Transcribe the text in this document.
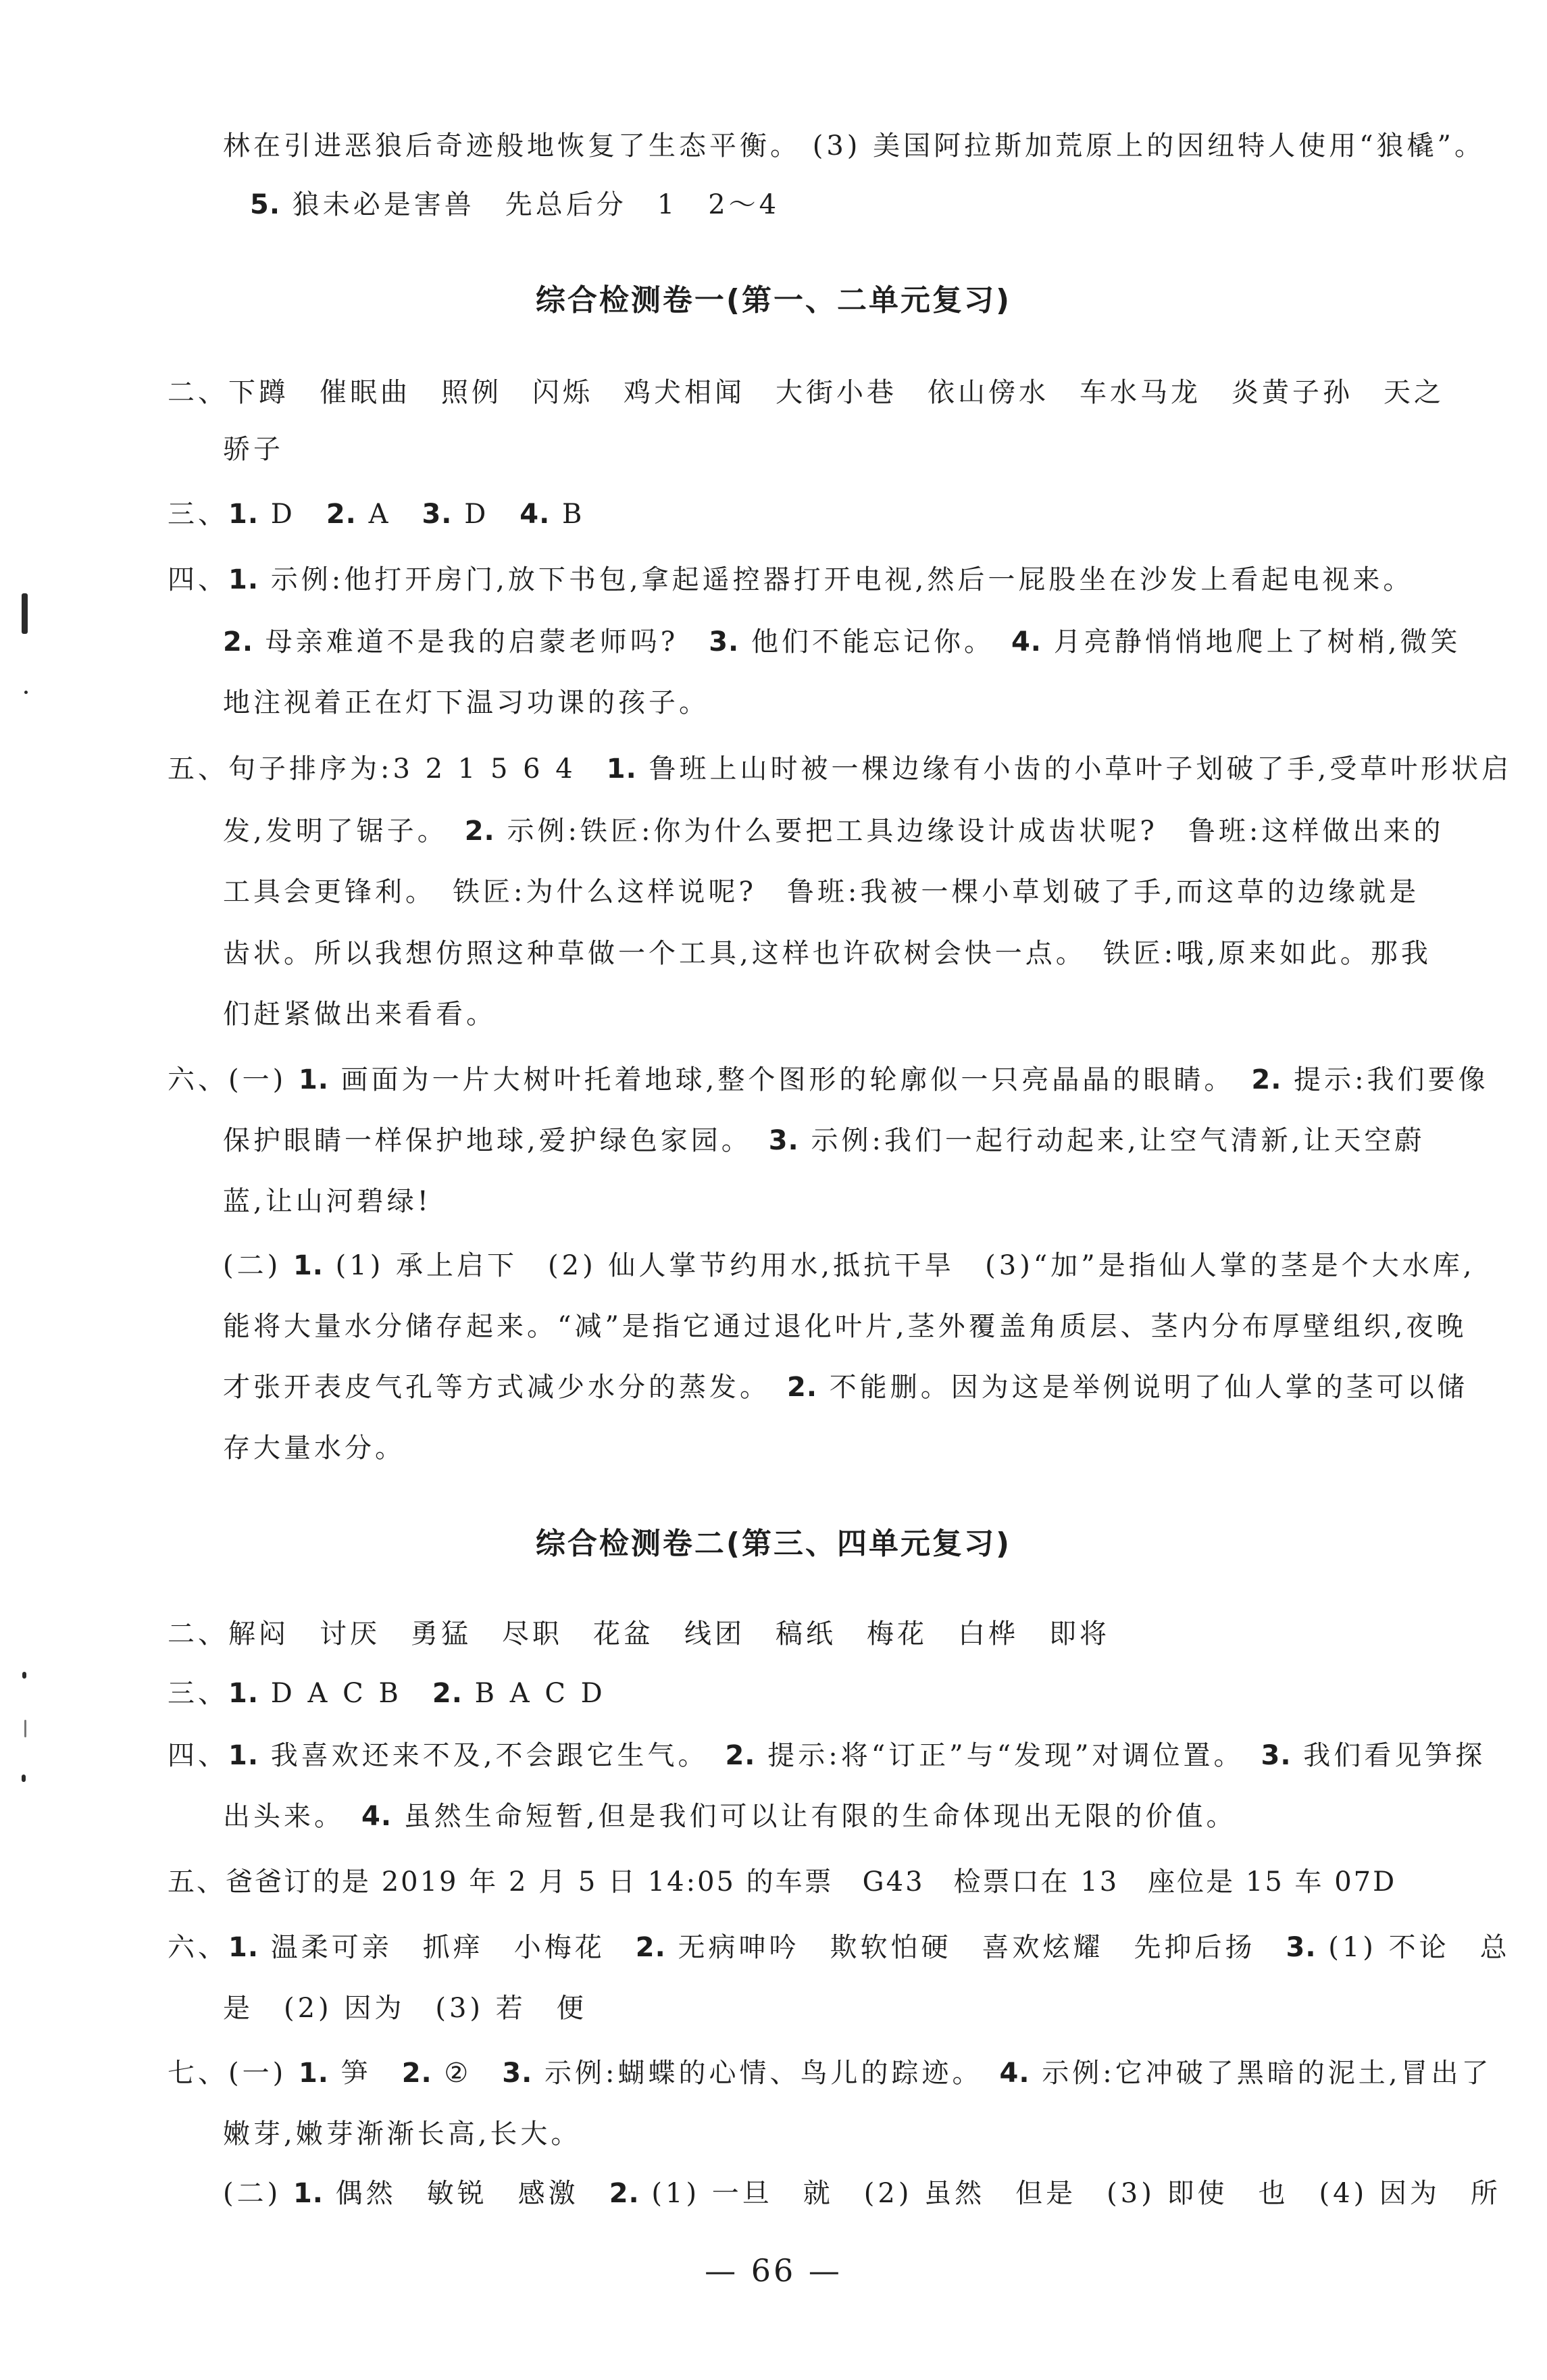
林在引进恶狼后奇迹般地恢复了生态平衡。 (3) 美国阿拉斯加荒原上的因纽特人使用“狼橇”。
5. 狼未必是害兽　先总后分　1　2～4
综合检测卷一(第一、二单元复习)
二、下蹲　催眠曲　照例　闪烁　鸡犬相闻　大街小巷　依山傍水　车水马龙　炎黄子孙　天之
骄子
三、1. D　2. A　3. D　4. B
四、1. 示例:他打开房门,放下书包,拿起遥控器打开电视,然后一屁股坐在沙发上看起电视来。
2. 母亲难道不是我的启蒙老师吗?　3. 他们不能忘记你。　4. 月亮静悄悄地爬上了树梢,微笑
地注视着正在灯下温习功课的孩子。
五、句子排序为:3 2 1 5 6 4　1. 鲁班上山时被一棵边缘有小齿的小草叶子划破了手,受草叶形状启
发,发明了锯子。　2. 示例:铁匠:你为什么要把工具边缘设计成齿状呢?　鲁班:这样做出来的
工具会更锋利。　铁匠:为什么这样说呢?　鲁班:我被一棵小草划破了手,而这草的边缘就是
齿状。所以我想仿照这种草做一个工具,这样也许砍树会快一点。　铁匠:哦,原来如此。那我
们赶紧做出来看看。
六、(一) 1. 画面为一片大树叶托着地球,整个图形的轮廓似一只亮晶晶的眼睛。　2. 提示:我们要像
保护眼睛一样保护地球,爱护绿色家园。　3. 示例:我们一起行动起来,让空气清新,让天空蔚
蓝,让山河碧绿!
(二) 1. (1) 承上启下　(2) 仙人掌节约用水,抵抗干旱　(3)“加”是指仙人掌的茎是个大水库,
能将大量水分储存起来。“减”是指它通过退化叶片,茎外覆盖角质层、茎内分布厚壁组织,夜晚
才张开表皮气孔等方式减少水分的蒸发。　2. 不能删。因为这是举例说明了仙人掌的茎可以储
存大量水分。
综合检测卷二(第三、四单元复习)
二、解闷　讨厌　勇猛　尽职　花盆　线团　稿纸　梅花　白桦　即将
三、1. D A C B　2. B A C D
四、1. 我喜欢还来不及,不会跟它生气。　2. 提示:将“订正”与“发现”对调位置。　3. 我们看见笋探
出头来。　4. 虽然生命短暂,但是我们可以让有限的生命体现出无限的价值。
五、爸爸订的是 2019 年 2 月 5 日 14:05 的车票　G43　检票口在 13　座位是 15 车 07D
六、1. 温柔可亲　抓痒　小梅花　2. 无病呻吟　欺软怕硬　喜欢炫耀　先抑后扬　3. (1) 不论　总
是　(2) 因为　(3) 若　便
七、(一) 1. 笋　2. ②　3. 示例:蝴蝶的心情、鸟儿的踪迹。　4. 示例:它冲破了黑暗的泥土,冒出了
嫩芽,嫩芽渐渐长高,长大。
(二) 1. 偶然　敏锐　感激　2. (1) 一旦　就　(2) 虽然　但是　(3) 即使　也　(4) 因为　所
— 66 —
